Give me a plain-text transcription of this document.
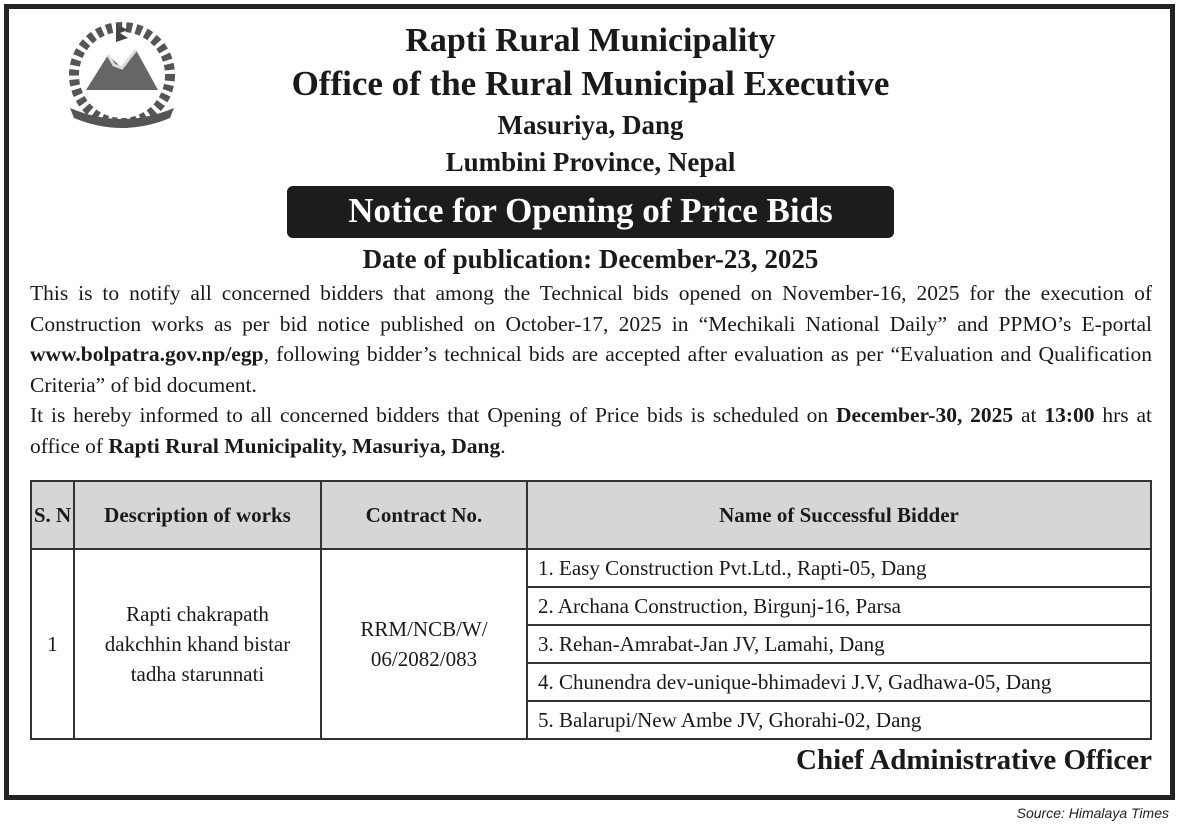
Rapti Rural Municipality
Office of the Rural Municipal Executive
Masuriya, Dang
Lumbini Province, Nepal
Notice for Opening of Price Bids
Date of publication: December-23, 2025

This is to notify all concerned bidders that among the Technical bids opened on November-16, 2025 for the execution of Construction works as per bid notice published on October-17, 2025 in “Mechikali National Daily” and PPMO’s E-portal www.bolpatra.gov.np/egp, following bidder’s technical bids are accepted after evaluation as per “Evaluation and Qualification Criteria” of bid document.

It is hereby informed to all concerned bidders that Opening of Price bids is scheduled on December-30, 2025 at 13:00 hrs at office of Rapti Rural Municipality, Masuriya, Dang.

S. N	Description of works	Contract No.	Name of Successful Bidder
1	Rapti chakrapath dakchhin khand bistar tadha starunnati	RRM/NCB/W/ 06/2082/083	1. Easy Construction Pvt.Ltd., Rapti-05, Dang
			2. Archana Construction, Birgunj-16, Parsa
			3. Rehan-Amrabat-Jan JV, Lamahi, Dang
			4. Chunendra dev-unique-bhimadevi J.V, Gadhawa-05, Dang
			5. Balarupi/New Ambe JV, Ghorahi-02, Dang
Chief Administrative Officer
Source: Himalaya Times
